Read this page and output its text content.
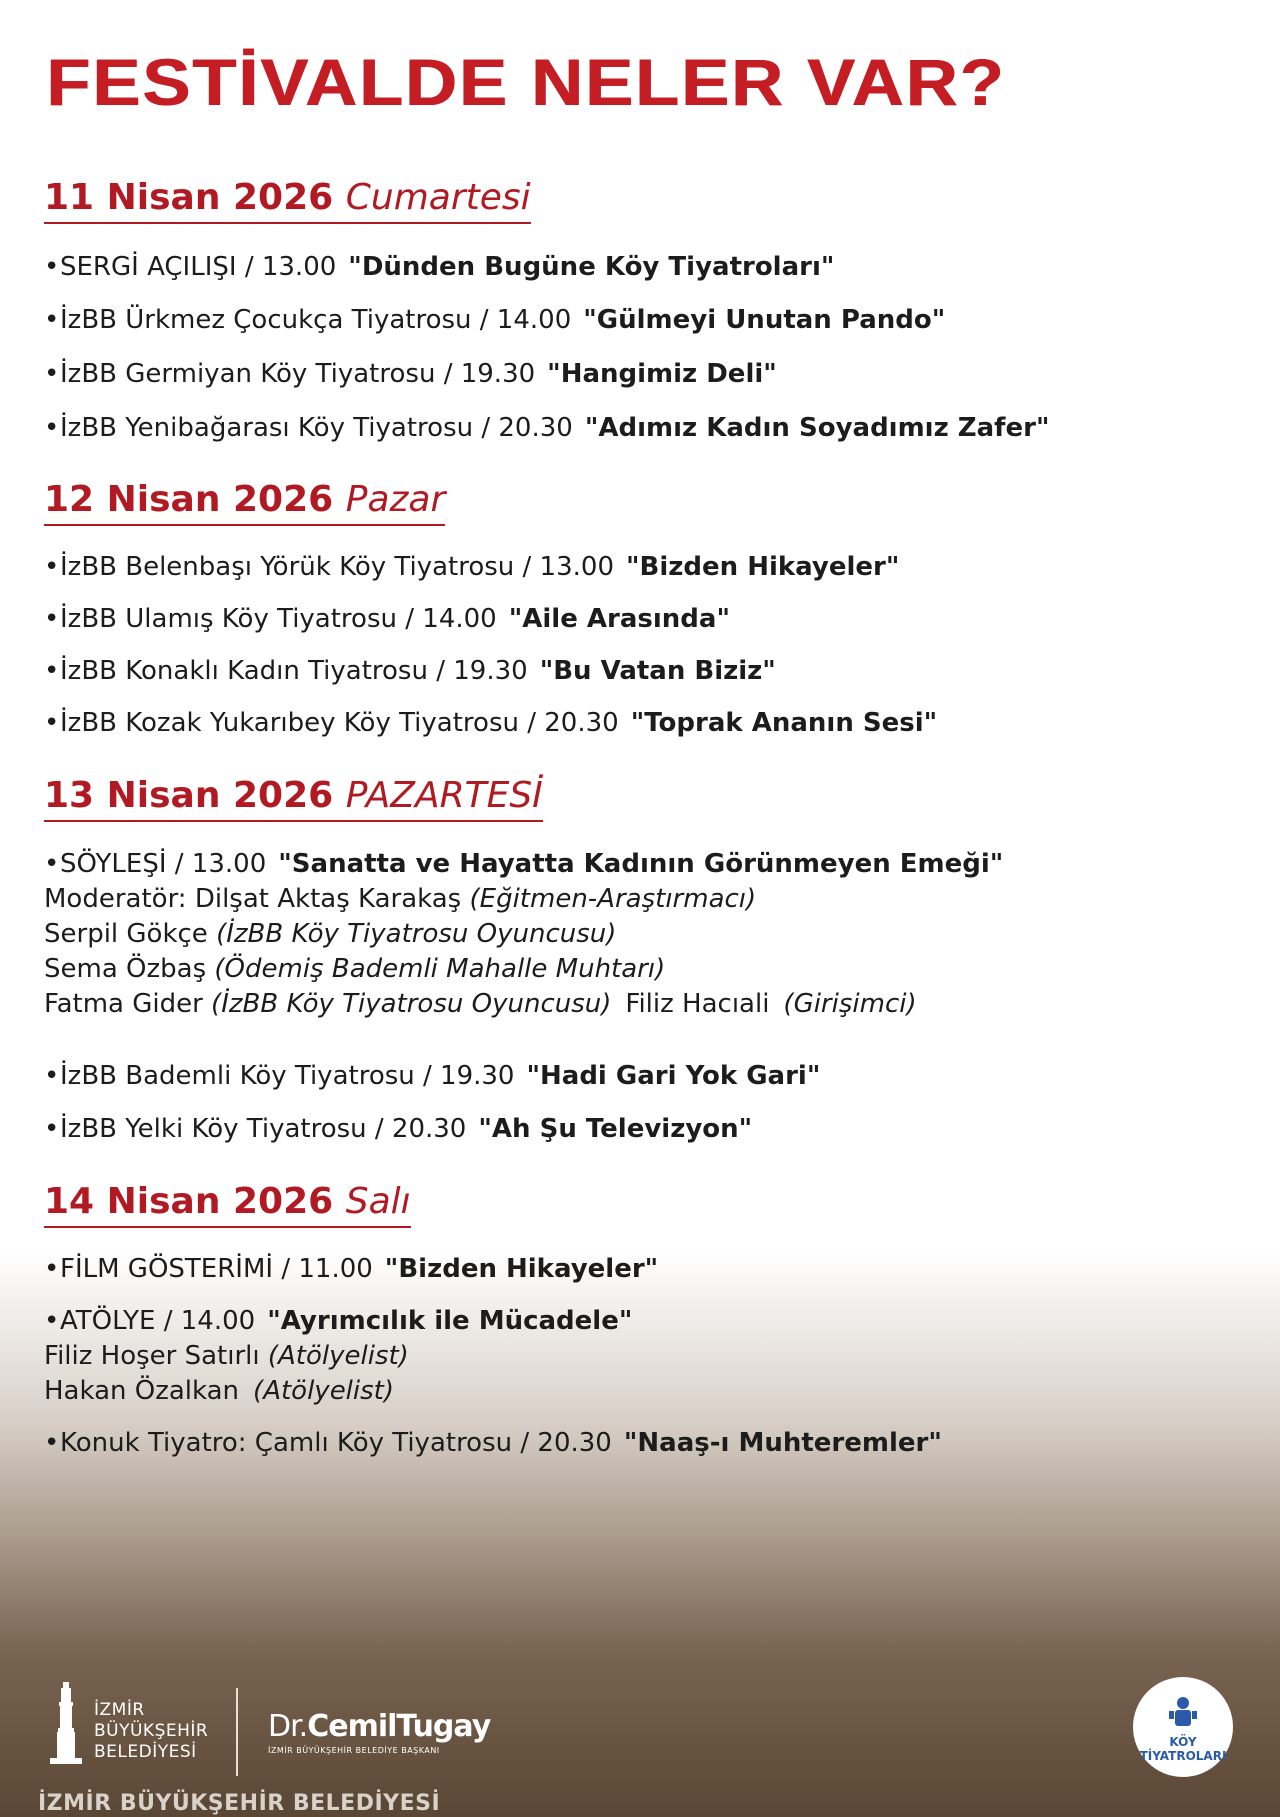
FESTİVALDE NELER VAR?
11 Nisan 2026 Cumartesi

•SERGİ AÇILIŞI / 13.00 "Dünden Bugüne Köy Tiyatroları"

•İzBB Ürkmez Çocukça Tiyatrosu / 14.00 "Gülmeyi Unutan Pando"

•İzBB Germiyan Köy Tiyatrosu / 19.30 "Hangimiz Deli"

•İzBB Yenibağarası Köy Tiyatrosu / 20.30 "Adımız Kadın Soyadımız Zafer"

12 Nisan 2026 Pazar

•İzBB Belenbaşı Yörük Köy Tiyatrosu / 13.00 "Bizden Hikayeler"

•İzBB Ulamış Köy Tiyatrosu / 14.00 "Aile Arasında"

•İzBB Konaklı Kadın Tiyatrosu / 19.30 "Bu Vatan Biziz"

•İzBB Kozak Yukarıbey Köy Tiyatrosu / 20.30 "Toprak Ananın Sesi"

13 Nisan 2026 PAZARTESİ

•SÖYLEŞİ / 13.00 "Sanatta ve Hayatta Kadının Görünmeyen Emeği"

Moderatör: Dilşat Aktaş Karakaş (Eğitmen-Araştırmacı)

Serpil Gökçe (İzBB Köy Tiyatrosu Oyuncusu)

Sema Özbaş (Ödemiş Bademli Mahalle Muhtarı)

Fatma Gider (İzBB Köy Tiyatrosu Oyuncusu) Filiz Hacıali (Girişimci)

•İzBB Bademli Köy Tiyatrosu / 19.30 "Hadi Gari Yok Gari"

•İzBB Yelki Köy Tiyatrosu / 20.30 "Ah Şu Televizyon"

14 Nisan 2026 Salı

•FİLM GÖSTERİMİ / 11.00 "Bizden Hikayeler"

•ATÖLYE / 14.00 "Ayrımcılık ile Mücadele"

Filiz Hoşer Satırlı (Atölyelist)

Hakan Özalkan (Atölyelist)

•Konuk Tiyatro: Çamlı Köy Tiyatrosu / 20.30 "Naaş-ı Muhteremler"

İZMİR
BÜYÜKŞEHİR
BELEDİYESİ
Dr.CemilTugay
İZMİR BÜYÜKŞEHİR BELEDİYE BAŞKANI
KÖY
TİYATROLARI
İZMİR BÜYÜKŞEHİR BELEDİYESİ
